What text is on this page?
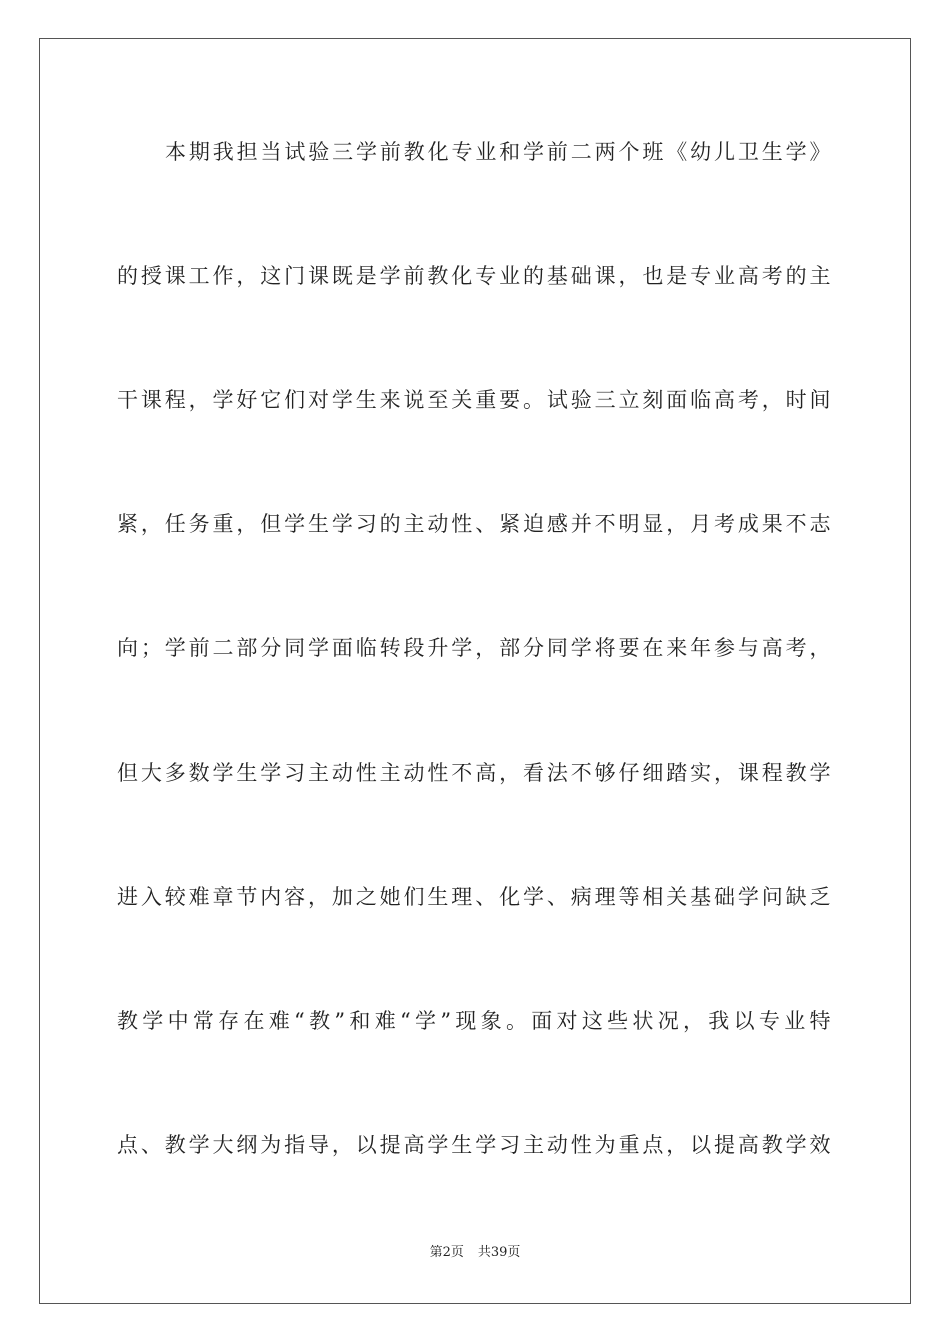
本期我担当试验三学前教化专业和学前二两个班《幼儿卫生学》
的授课工作，这门课既是学前教化专业的基础课，也是专业高考的主
干课程，学好它们对学生来说至关重要。试验三立刻面临高考，时间
紧，任务重，但学生学习的主动性、紧迫感并不明显，月考成果不志
向；学前二部分同学面临转段升学，部分同学将要在来年参与高考，
但大多数学生学习主动性主动性不高，看法不够仔细踏实，课程教学
进入较难章节内容，加之她们生理、化学、病理等相关基础学问缺乏
教学中常存在难“教”和难“学”现象。面对这些状况，我以专业特
点、教学大纲为指导，以提高学生学习主动性为重点，以提高教学效
第2页 共39页
